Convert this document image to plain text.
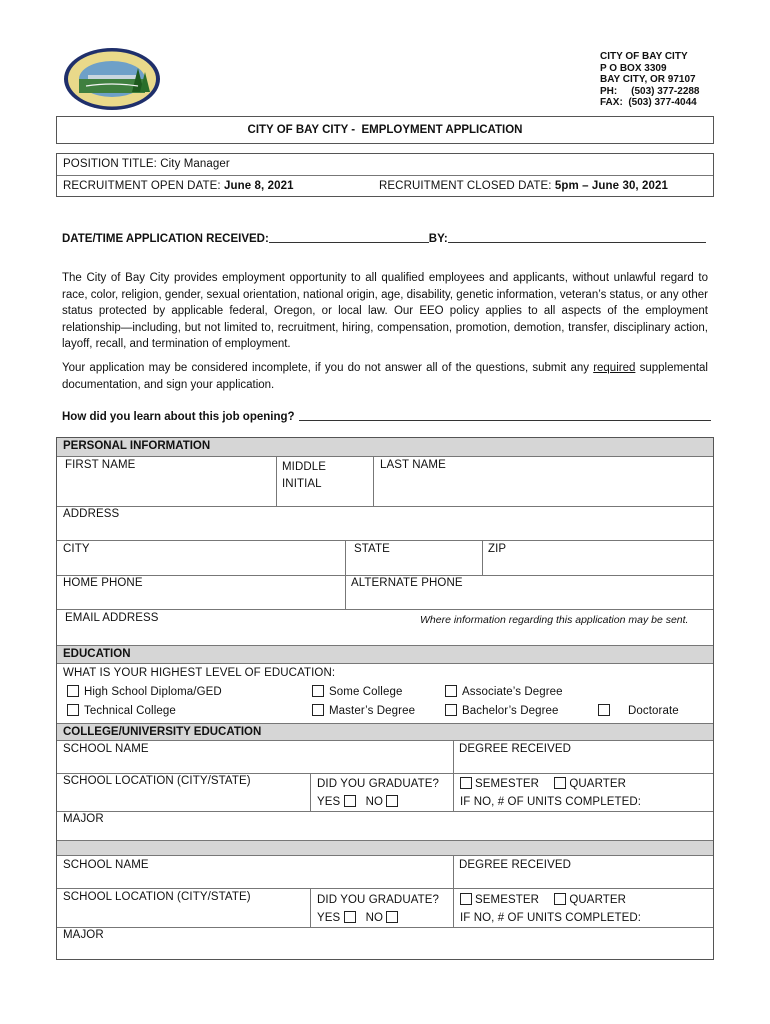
CITY OF BAY CITY
P O BOX 3309
BAY CITY, OR 97107
PH:     (503) 377-2288
FAX:  (503) 377-4044
CITY OF BAY CITY -  EMPLOYMENT APPLICATION
POSITION TITLE: City Manager
RECRUITMENT OPEN DATE: June 8, 2021	RECRUITMENT CLOSED DATE: 5pm – June 30, 2021
DATE/TIME APPLICATION RECEIVED:	BY:
The City of Bay City provides employment opportunity to all qualified employees and applicants, without unlawful regard to race, color, religion, gender, sexual orientation, national origin, age, disability, genetic information, veteran’s status, or any other status protected by applicable federal, Oregon, or local law. Our EEO policy applies to all aspects of the employment relationship—including, but not limited to, recruitment, hiring, compensation, promotion, demotion, transfer, disciplinary action, layoff, recall, and termination of employment.
Your application may be considered incomplete, if you do not answer all of the questions, submit any required supplemental documentation, and sign your application.
How did you learn about this job opening?
PERSONAL INFORMATION
FIRST NAME	MIDDLE
INITIAL
LAST NAME
ADDRESS
CITY	STATE	ZIP
HOME PHONE	ALTERNATE PHONE
EMAIL ADDRESS	Where information regarding this application may be sent.
EDUCATION
WHAT IS YOUR HIGHEST LEVEL OF EDUCATION:
High School Diploma/GED	Some College	Associate’s Degree
Technical College	Master’s Degree	Bachelor’s Degree	Doctorate
COLLEGE/UNIVERSITY EDUCATION
SCHOOL NAME	DEGREE RECEIVED
SCHOOL LOCATION (CITY/STATE)	DID YOU GRADUATE?
YES NO
SEMESTER	QUARTER
IF NO, # OF UNITS COMPLETED:
MAJOR
SCHOOL NAME	DEGREE RECEIVED
SCHOOL LOCATION (CITY/STATE)	DID YOU GRADUATE?
YES NO
SEMESTER	QUARTER
IF NO, # OF UNITS COMPLETED:
MAJOR
